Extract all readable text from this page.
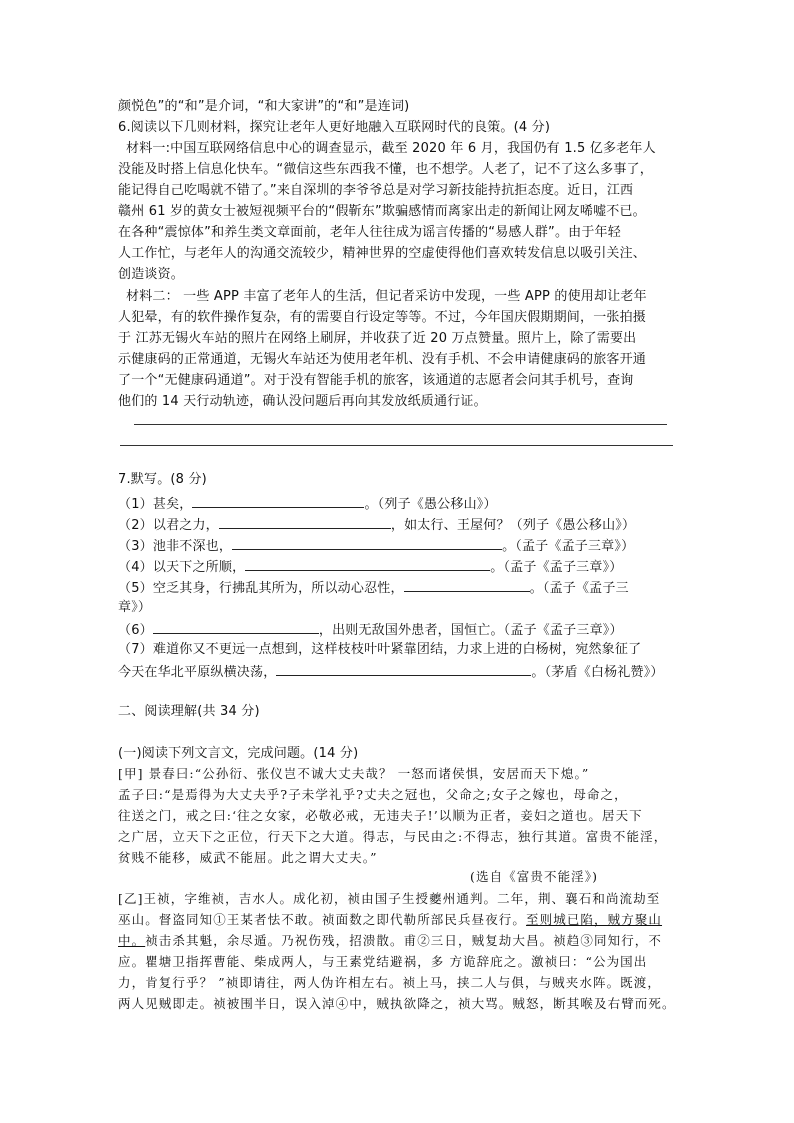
颜悦色”的“和”是介词，“和大家讲”的“和”是连词)
6.阅读以下几则材料，探究让老年人更好地融入互联网时代的良策。(4 分)
材料一:中国互联网络信息中心的调查显示，截至 2020 年 6 月，我国仍有 1.5 亿多老年人
没能及时搭上信息化快车。“微信这些东西我不懂，也不想学。人老了，记不了这么多事了，
能记得自己吃喝就不错了。”来自深圳的李爷爷总是对学习新技能持抗拒态度。近日，江西
赣州 61 岁的黄女士被短视频平台的“假靳东”欺骗感情而离家出走的新闻让网友唏嘘不已。
在各种“震惊体”和养生类文章面前，老年人往往成为谣言传播的“易感人群”。由于年轻
人工作忙，与老年人的沟通交流较少，精神世界的空虚使得他们喜欢转发信息以吸引关注、
创造谈资。
材料二： 一些 APP 丰富了老年人的生活，但记者采访中发现，一些 APP 的使用却让老年
人犯晕，有的软件操作复杂，有的需要自行设定等等。不过，今年国庆假期期间，一张拍摄
于 江苏无锡火车站的照片在网络上刷屏，并收获了近 20 万点赞量。照片上，除了需要出
示健康码的正常通道，无锡火车站还为使用老年机、没有手机、不会申请健康码的旅客开通
了一个“无健康码通道”。对于没有智能手机的旅客，该通道的志愿者会问其手机号，查询
他们的 14 天行动轨迹，确认没问题后再向其发放纸质通行证。
7.默写。(8 分)
（1）甚矣，	。（列子《愚公移山》）
（2）以君之力，	，如太行、王屋何？（列子《愚公移山》）
（3）池非不深也，	。（孟子《孟子三章》）
（4）以天下之所顺，	。（孟子《孟子三章》）
（5）空乏其身，行拂乱其所为，所以动心忍性，	。（孟子《孟子三
章》）
（6）	，出则无敌国外患者，国恒亡。（孟子《孟子三章》）
（7）难道你又不更远一点想到，这样枝枝叶叶紧靠团结，力求上进的白杨树，宛然象征了
今天在华北平原纵横决荡，	。（茅盾《白杨礼赞》）
二、阅读理解(共 34 分)
(一)阅读下列文言文，完成问题。(14 分)
[甲] 景春曰:“公孙衍、张仪岂不诚大丈夫哉？ 一怒而诸侯惧，安居而天下熄。”
孟子曰:“是焉得为大丈夫乎?子未学礼乎?丈夫之冠也，父命之;女子之嫁也，母命之，
往送之门，戒之曰:‘往之女家，必敬必戒，无违夫子!’以顺为正者，妾妇之道也。居天下
之广居，立天下之正位，行天下之大道。得志，与民由之:不得志，独行其道。富贵不能淫，
贫贱不能移，威武不能屈。此之谓大丈夫。”
(选自《富贵不能淫》)
[乙]王祯，字维祯，吉水人。成化初，祯由国子生授夔州通判。二年，荆、襄石和尚流劫至
巫山。督盗同知①王某者怯不敢。祯面数之即代勒所部民兵昼夜行。至则城已陷，贼方聚山
中。祯击杀其魁，余尽遁。乃祝伤残，招溃散。甫②三日，贼复劫大昌。祯趋③同知行，不
应。瞿塘卫指挥曹能、柴成两人，与王素党结避祸，多 方诡辞庇之。激祯曰：“公为国出
力，肯复行乎？ ”祯即请往，两人伪许相左右。祯上马，挟二人与俱，与贼夹水阵。既渡，
两人见贼即走。祯被围半日，误入淖④中，贼执欲降之，祯大骂。贼怒，断其喉及右臂而死。
